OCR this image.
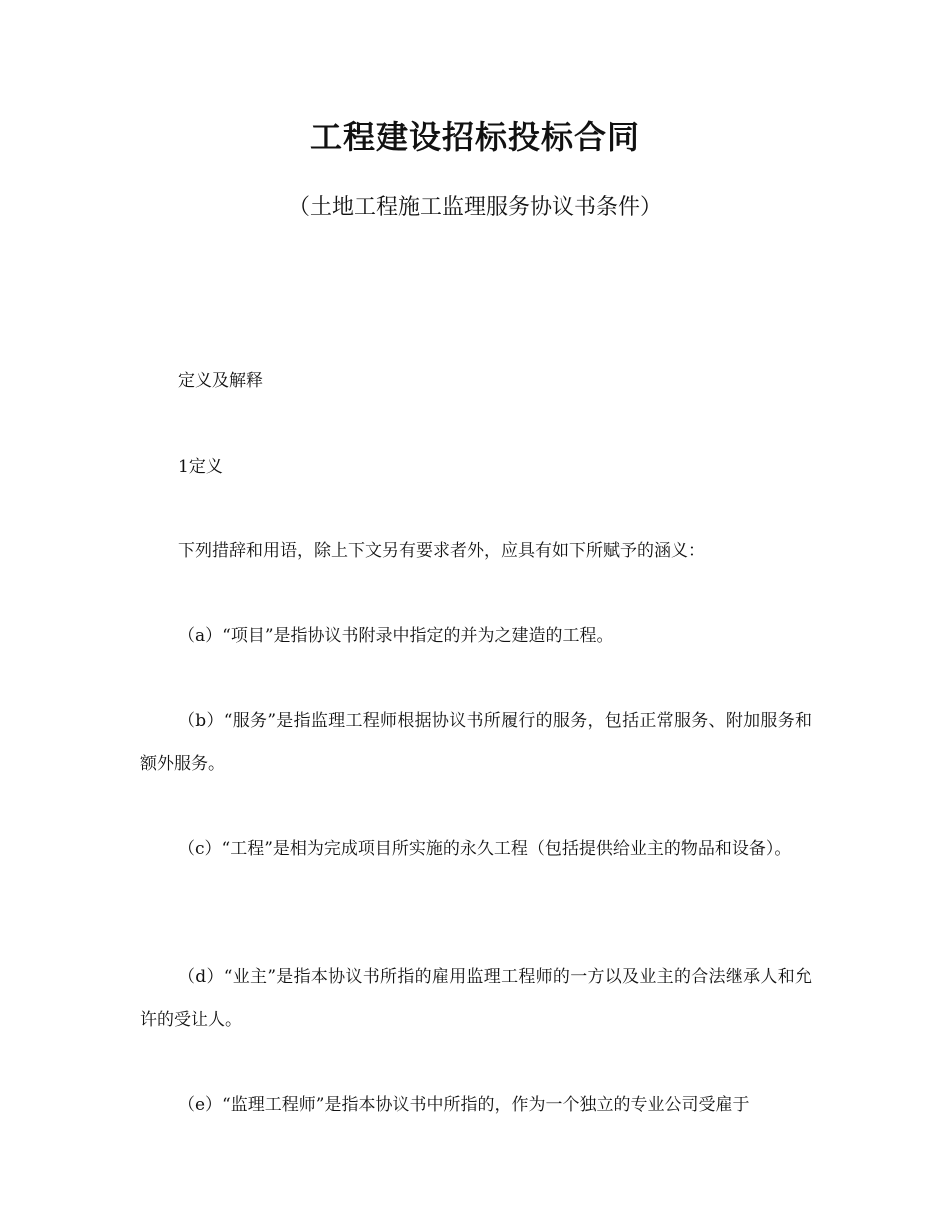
工程建设招标投标合同

（土地工程施工监理服务协议书条件）

定义及解释

1定义

下列措辞和用语，除上下文另有要求者外，应具有如下所赋予的涵义：

（a）“项目”是指协议书附录中指定的并为之建造的工程。

（b）“服务”是指监理工程师根据协议书所履行的服务，包括正常服务、附加服务和额外服务。

（c）“工程”是相为完成项目所实施的永久工程（包括提供给业主的物品和设备）。

（d）“业主”是指本协议书所指的雇用监理工程师的一方以及业主的合法继承人和允许的受让人。

（e）“监理工程师”是指本协议书中所指的，作为一个独立的专业公司受雇于
